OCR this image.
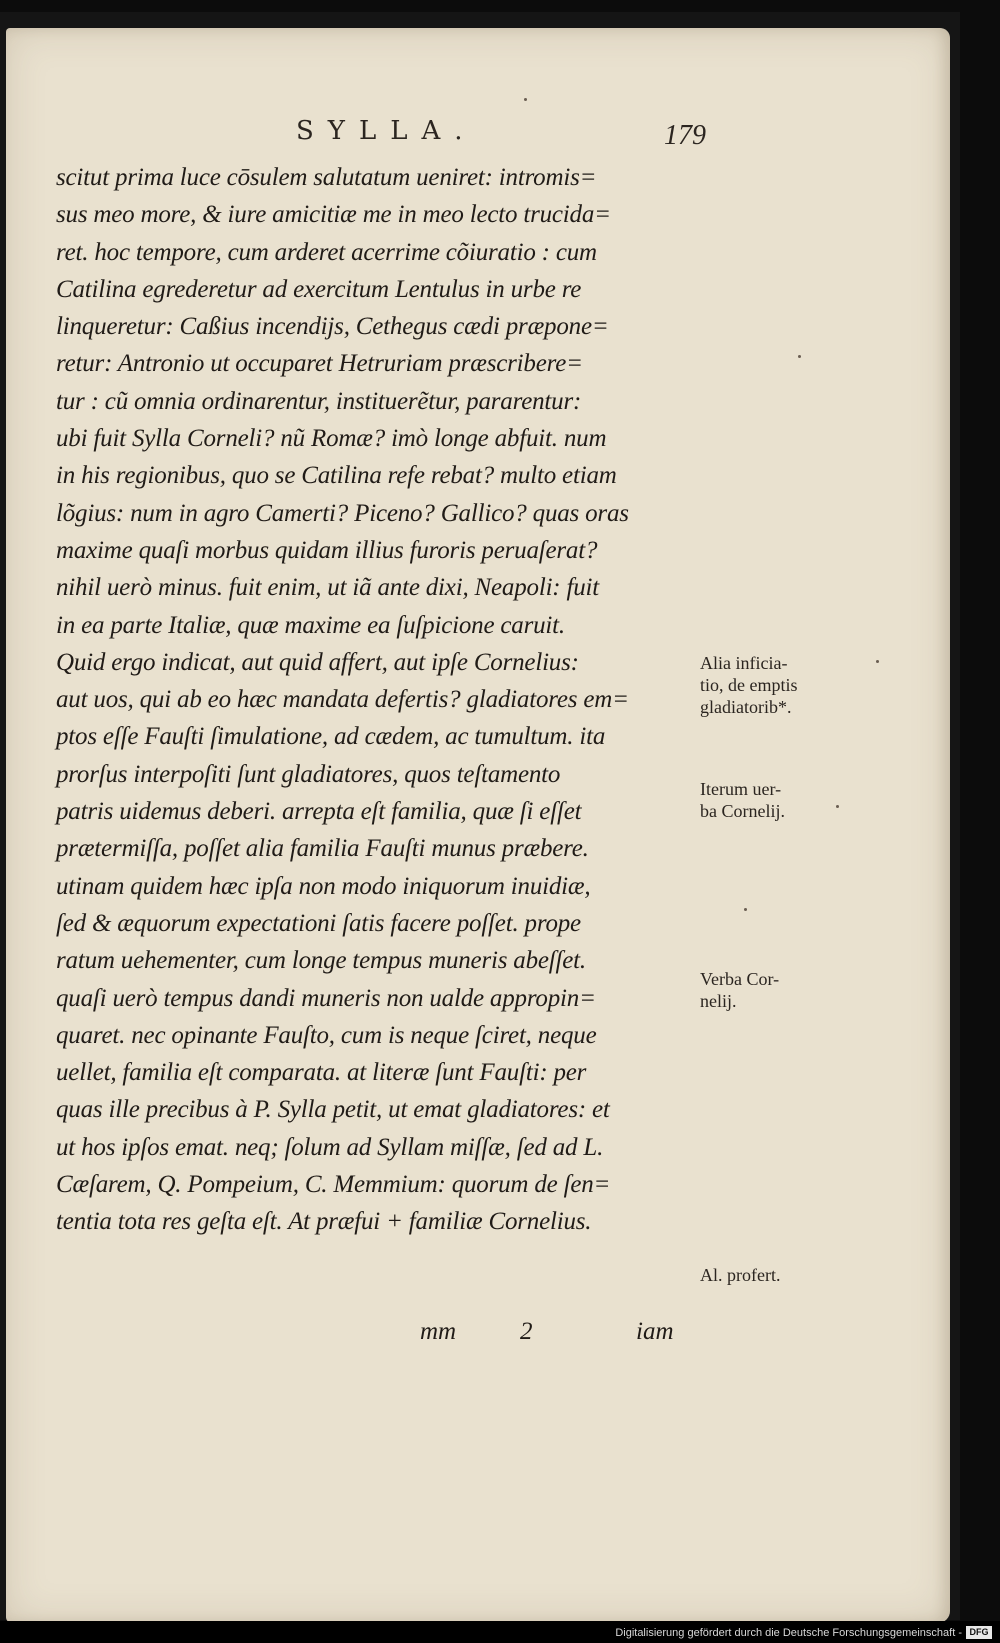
SYLLA.	179
scitut prima luce cōsulem salutatum ueniret: intromis=
sus meo more, & iure amicitiæ me in meo lecto trucida=
ret. hoc tempore, cum arderet acerrime cõiuratio : cum
Catilina egrederetur ad exercitum Lentulus in urbe re
linqueretur: Caßius incendijs, Cethegus cædi præpone=
retur: Antronio ut occuparet Hetruriam præscribere=
tur : cũ omnia ordinarentur, instituerẽtur, pararentur:
ubi fuit Sylla Corneli? nũ Romæ? imò longe abfuit. num
in his regionibus, quo se Catilina refe rebat? multo etiam
lõgius: num in agro Camerti? Piceno? Gallico? quas oras
maxime quaſi morbus quidam illius furoris peruaſerat?
nihil uerò minus. fuit enim, ut iã ante dixi, Neapoli: fuit
in ea parte Italiæ, quæ maxime ea ſuſpicione caruit.
Quid ergo indicat, aut quid affert, aut ipſe Cornelius:
aut uos, qui ab eo hæc mandata defertis? gladiatores em=
ptos eſſe Fauſti ſimulatione, ad cædem, ac tumultum. ita
prorſus interpoſiti ſunt gladiatores, quos teſtamento
patris uidemus deberi. arrepta eſt familia, quæ ſi eſſet
prætermiſſa, poſſet alia familia Fauſti munus præbere.
utinam quidem hæc ipſa non modo iniquorum inuidiæ,
ſed & æquorum expectationi ſatis facere poſſet. prope
ratum uehementer, cum longe tempus muneris abeſſet.
quaſi uerò tempus dandi muneris non ualde appropin=
quaret. nec opinante Fauſto, cum is neque ſciret, neque
uellet, familia eſt comparata. at literæ ſunt Fauſti: per
quas ille precibus à P. Sylla petit, ut emat gladiatores: et
ut hos ipſos emat. neq; ſolum ad Syllam miſſæ, ſed ad L.
Cæſarem, Q. Pompeium, C. Memmium: quorum de ſen=
tentia tota res geſta eſt. At præfui + familiæ Cornelius.
Alia inficia-
tio, de emptis
gladiatorib*.
Iterum uer-
ba Cornelij.
Verba Cor-
nelij.
Al. profert.
mm	2	iam
Digitalisierung gefördert durch die Deutsche Forschungsgemeinschaft - DFG
